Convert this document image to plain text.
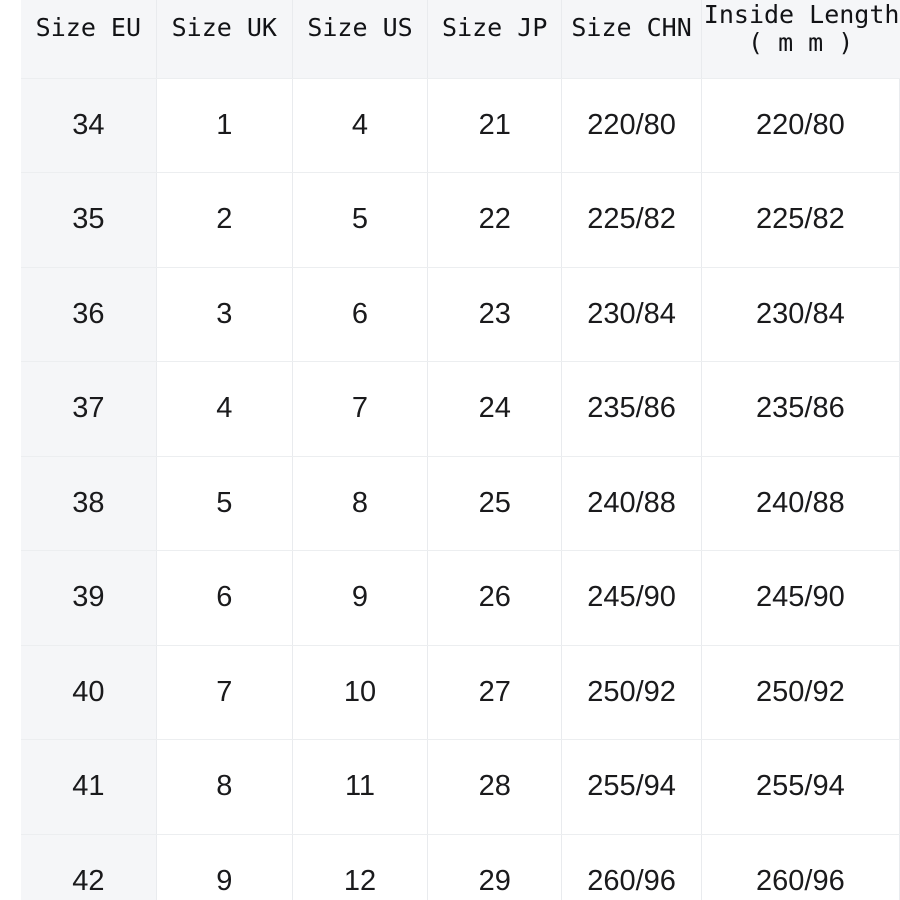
Size EU	Size UK	Size US	Size JP	Size CHN	Inside Length
( m m )

34	1	4	21	220/80	220/80
35	2	5	22	225/82	225/82
36	3	6	23	230/84	230/84
37	4	7	24	235/86	235/86
38	5	8	25	240/88	240/88
39	6	9	26	245/90	245/90
40	7	10	27	250/92	250/92
41	8	11	28	255/94	255/94
42	9	12	29	260/96	260/96
